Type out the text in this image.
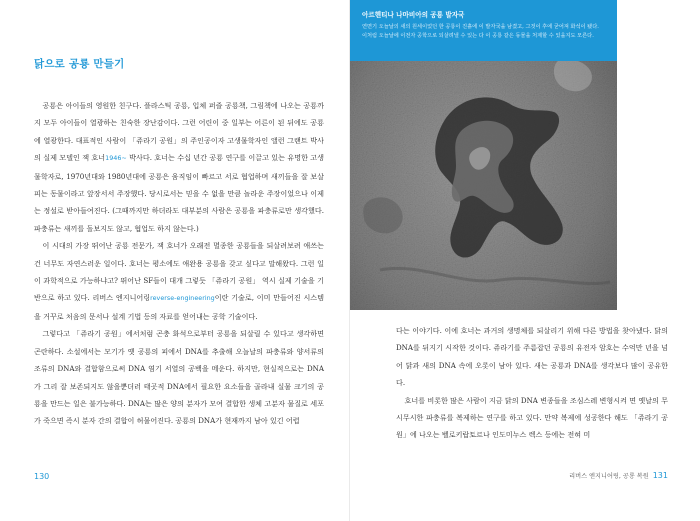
닭으로 공룡 만들기

공룡은 아이들의 영원한 친구다. 플라스틱 공룡, 입체 퍼즐 공룡책, 그림책에 나오는 공룡까지 모두 아이들이 열광하는 친숙한 장난감이다. 그런 어린이 중 일부는 어른이 된 뒤에도 공룡에 열광한다. 대표적인 사람이 「쥬라기 공원」의 주인공이자 고생물학자인 앨런 그랜트 박사의 실제 모델인 잭 호너1946~ 박사다. 호너는 수십 년간 공룡 연구를 이끌고 있는 유명한 고생물학자로, 1970년대와 1980년대에 공룡은 움직임이 빠르고 서로 협업하며 새끼들을 잘 보살피는 동물이라고 앞장서서 주장했다. 당시로서는 믿을 수 없을 만큼 놀라운 주장이었으나 이제는 정설로 받아들여진다. (그때까지만 하더라도 대부분의 사람은 공룡을 파충류로만 생각했다. 파충류는 새끼를 돌보지도 않고, 협업도 하지 않는다.)

이 시대의 가장 뛰어난 공룡 전문가, 잭 호너가 오래전 멸종한 공룡들을 되살려보려 애쓰는 건 너무도 자연스러운 일이다. 호너는 평소에도 애완용 공룡을 갖고 싶다고 말해왔다. 그런 일이 과학적으로 가능하냐고? 뛰어난 SF들이 대개 그렇듯 「쥬라기 공원」 역시 실제 기술을 기반으로 하고 있다. 리버스 엔지니어링reverse-engineering이란 기술로, 이미 만들어진 시스템을 거꾸로 처음의 문서나 설계 기법 등의 자료를 얻어내는 공학 기술이다.

그렇다고 「쥬라기 공원」에서처럼 곤충 화석으로부터 공룡을 되살릴 수 있다고 생각하면 곤란하다. 소설에서는 모기가 옛 공룡의 피에서 DNA를 추출해 오늘날의 파충류와 양서류의 조류의 DNA와 결합함으로써 DNA 염기 서열의 공백을 메운다. 하지만, 현실적으로는 DNA가 그리 잘 보존되지도 않을뿐더러 태곳적 DNA에서 필요한 요소들을 골라내 실물 크기의 공룡을 만드는 일은 불가능하다. DNA는 많은 양의 분자가 모여 결합한 생체 고분자 물질로 세포가 죽으면 즉시 분자 간의 결합이 허물어진다. 공룡의 DNA가 현재까지 남아 있긴 어렵

130
아르헨티나 나마비아의 공룡 발자국
연면기 오늘날의 새의 원세이었던 한 공룡이 진흙에 이 발자국을 남겼고, 그것이 후에 굳어져 화석이 됐다.
이처럼 오늘날에 이전자 공학으로 되살려낼 수 있는 다 이 공룡 같은 동물을 처제할 수 있을지도 모른다.

다는 이야기다. 이에 호너는 과거의 생명체를 되살리기 위해 다른 방법을 찾아냈다. 닭의 DNA를 뒤지기 시작한 것이다. 쥬라기를 주름잡던 공룡의 유전자 암호는 수억만 년을 넘어 닭과 새의 DNA 속에 오롯이 남아 있다. 새는 공룡과 DNA를 생각보다 많이 공유한다.

호너를 비롯한 많은 사람이 지금 닭의 DNA 변종들을 조심스레 변형시켜 면 옛날의 무시무시한 파충류를 복제하는 연구를 하고 있다. 만약 복제에 성공한다 해도 「쥬라기 공원」에 나오는 벨로키랍토르나 인도미누스 렉스 등에는 전혀 미

리버스 엔지니어링, 공룡 복원 131
